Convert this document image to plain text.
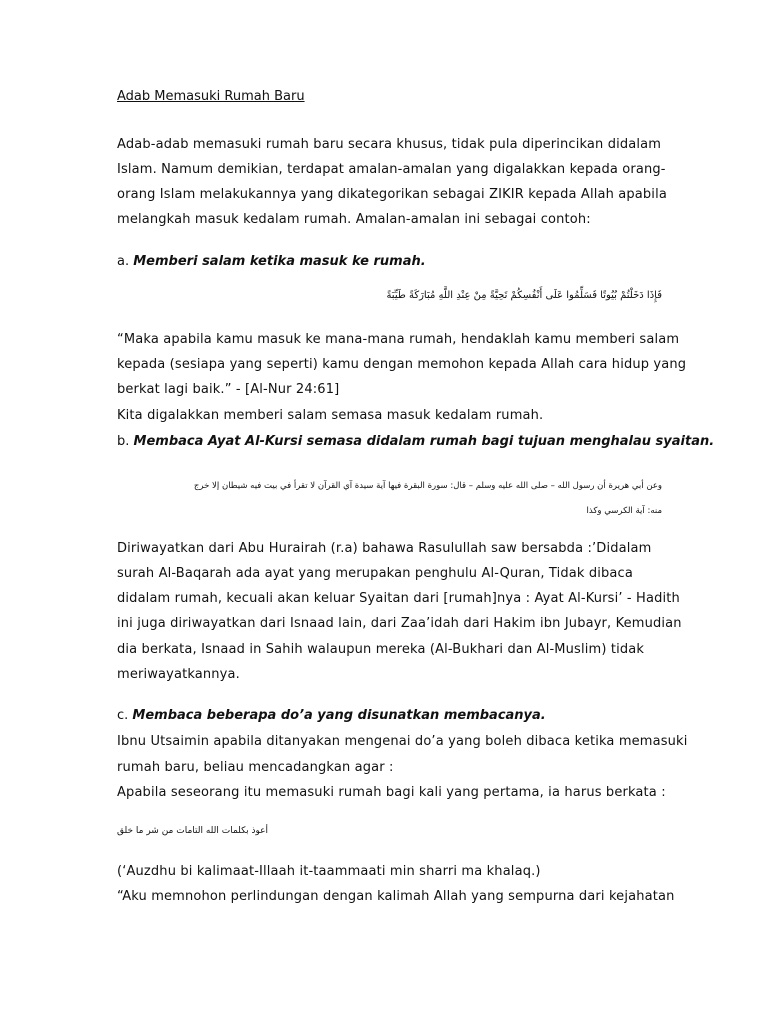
Adab Memasuki Rumah Baru
Adab-adab memasuki rumah baru secara khusus, tidak pula diperincikan didalam
Islam. Namum demikian, terdapat amalan-amalan yang digalakkan kepada orang-
orang Islam melakukannya yang dikategorikan sebagai ZIKIR kepada Allah apabila
melangkah masuk kedalam rumah. Amalan-amalan ini sebagai contoh:
a. Memberi salam ketika masuk ke rumah.
فَإِذَا دَخَلْتُمْ بُيُوتًا فَسَلِّمُوا عَلَى أَنْفُسِكُمْ تَحِيَّةً مِنْ عِنْدِ اللَّهِ مُبَارَكَةً طَيِّبَةً
“Maka apabila kamu masuk ke mana-mana rumah, hendaklah kamu memberi salam
kepada (sesiapa yang seperti) kamu dengan memohon kepada Allah cara hidup yang
berkat lagi baik.” - [Al-Nur 24:61]
Kita digalakkan memberi salam semasa masuk kedalam rumah.
b. Membaca Ayat Al-Kursi semasa didalam rumah bagi tujuan menghalau syaitan.
وعن أبي هريرة أن رسول الله – صلى الله عليه وسلم – قال: سورة البقرة فيها آية سيدة آي القرآن لا تقرأ في بيت فيه شيطان إلا خرج
منه: آية الكرسي وكذا
Diriwayatkan dari Abu Hurairah (r.a) bahawa Rasulullah saw bersabda :’Didalam
surah Al-Baqarah ada ayat yang merupakan penghulu Al-Quran, Tidak dibaca
didalam rumah, kecuali akan keluar Syaitan dari [rumah]nya : Ayat Al-Kursi’ - Hadith
ini juga diriwayatkan dari Isnaad lain, dari Zaa’idah dari Hakim ibn Jubayr, Kemudian
dia berkata, Isnaad in Sahih walaupun mereka (Al-Bukhari dan Al-Muslim) tidak
meriwayatkannya.
c. Membaca beberapa do’a yang disunatkan membacanya.
Ibnu Utsaimin apabila ditanyakan mengenai do’a yang boleh dibaca ketika memasuki
rumah baru, beliau mencadangkan agar :
Apabila seseorang itu memasuki rumah bagi kali yang pertama, ia harus berkata :
أعوذ بكلمات الله التامات من شر ما خلق
(‘Auzdhu bi kalimaat-Illaah it-taammaati min sharri ma khalaq.)
“Aku memnohon perlindungan dengan kalimah Allah yang sempurna dari kejahatan
